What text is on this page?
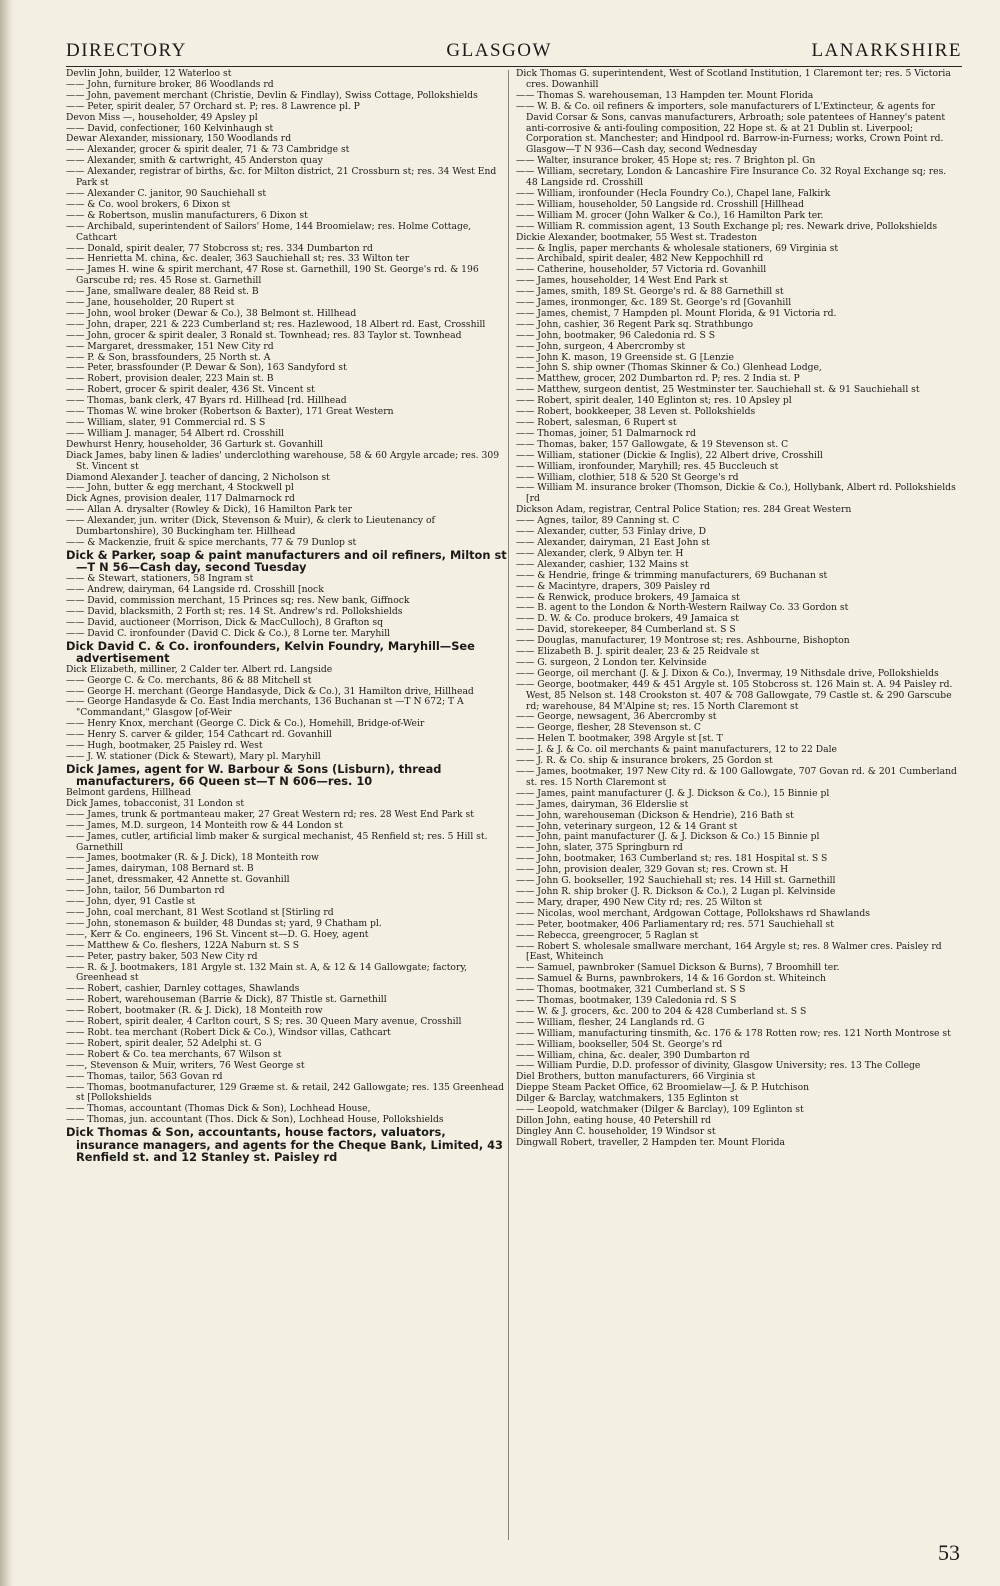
DIRECTORY	GLASGOW	LANARKSHIRE
Devlin John, builder, 12 Waterloo st
—— John, furniture broker, 86 Woodlands rd
—— John, pavement merchant (Christie, Devlin & Findlay), Swiss Cottage, Pollokshields
—— Peter, spirit dealer, 57 Orchard st. P; res. 8 Lawrence pl. P
Devon Miss —, householder, 49 Apsley pl
—— David, confectioner, 160 Kelvinhaugh st
Dewar Alexander, missionary, 150 Woodlands rd
—— Alexander, grocer & spirit dealer, 71 & 73 Cambridge st
—— Alexander, smith & cartwright, 45 Anderston quay
—— Alexander, registrar of births, &c. for Milton district, 21 Crossburn st; res. 34 West End Park st
—— Alexander C. janitor, 90 Sauchiehall st
—— & Co. wool brokers, 6 Dixon st
—— & Robertson, muslin manufacturers, 6 Dixon st
—— Archibald, superintendent of Sailors' Home, 144 Broomielaw; res. Holme Cottage, Cathcart
—— Donald, spirit dealer, 77 Stobcross st; res. 334 Dumbarton rd
—— Henrietta M. china, &c. dealer, 363 Sauchiehall st; res. 33 Wilton ter
—— James H. wine & spirit merchant, 47 Rose st. Garnethill, 190 St. George's rd. & 196 Garscube rd; res. 45 Rose st. Garnethill
—— Jane, smallware dealer, 88 Reid st. B
—— Jane, householder, 20 Rupert st
—— John, wool broker (Dewar & Co.), 38 Belmont st. Hillhead
—— John, draper, 221 & 223 Cumberland st; res. Hazlewood, 18 Albert rd. East, Crosshill
—— John, grocer & spirit dealer, 3 Ronald st. Townhead; res. 83 Taylor st. Townhead
—— Margaret, dressmaker, 151 New City rd
—— P. & Son, brassfounders, 25 North st. A
—— Peter, brassfounder (P. Dewar & Son), 163 Sandyford st
—— Robert, provision dealer, 223 Main st. B
—— Robert, grocer & spirit dealer, 436 St. Vincent st
—— Thomas, bank clerk, 47 Byars rd. Hillhead [rd. Hillhead
—— Thomas W. wine broker (Robertson & Baxter), 171 Great Western
—— William, slater, 91 Commercial rd. S S
—— William J. manager, 54 Albert rd. Crosshill
Dewhurst Henry, householder, 36 Garturk st. Govanhill
Diack James, baby linen & ladies' underclothing warehouse, 58 & 60 Argyle arcade; res. 309 St. Vincent st
Diamond Alexander J. teacher of dancing, 2 Nicholson st
—— John, butter & egg merchant, 4 Stockwell pl
Dick Agnes, provision dealer, 117 Dalmarnock rd
—— Allan A. drysalter (Rowley & Dick), 16 Hamilton Park ter
—— Alexander, jun. writer (Dick, Stevenson & Muir), & clerk to Lieutenancy of Dumbartonshire), 30 Buckingham ter. Hillhead
—— & Mackenzie, fruit & spice merchants, 77 & 79 Dunlop st
Dick & Parker, soap & paint manufacturers and oil refiners, Milton st—T N 56—Cash day, second Tuesday
—— & Stewart, stationers, 58 Ingram st
—— Andrew, dairyman, 64 Langside rd. Crosshill [nock
—— David, commission merchant, 15 Princes sq; res. New bank, Giffnock
—— David, blacksmith, 2 Forth st; res. 14 St. Andrew's rd. Pollokshields
—— David, auctioneer (Morrison, Dick & MacCulloch), 8 Grafton sq
—— David C. ironfounder (David C. Dick & Co.), 8 Lorne ter. Maryhill
Dick David C. & Co. ironfounders, Kelvin Foundry, Maryhill—See advertisement
Dick Elizabeth, milliner, 2 Calder ter. Albert rd. Langside
—— George C. & Co. merchants, 86 & 88 Mitchell st
—— George H. merchant (George Handasyde, Dick & Co.), 31 Hamilton drive, Hillhead
—— George Handasyde & Co. East India merchants, 136 Buchanan st —T N 672; T A "Commandant," Glasgow [of-Weir
—— Henry Knox, merchant (George C. Dick & Co.), Homehill, Bridge-of-Weir
—— Henry S. carver & gilder, 154 Cathcart rd. Govanhill
—— Hugh, bootmaker, 25 Paisley rd. West
—— J. W. stationer (Dick & Stewart), Mary pl. Maryhill
Dick James, agent for W. Barbour & Sons (Lisburn), thread manufacturers, 66 Queen st—T N 606—res. 10
Belmont gardens, Hillhead
Dick James, tobacconist, 31 London st
—— James, trunk & portmanteau maker, 27 Great Western rd; res. 28 West End Park st
—— James, M.D. surgeon, 14 Monteith row & 44 London st
—— James, cutler, artificial limb maker & surgical mechanist, 45 Renfield st; res. 5 Hill st. Garnethill
—— James, bootmaker (R. & J. Dick), 18 Monteith row
—— James, dairyman, 108 Bernard st. B
—— Janet, dressmaker, 42 Annette st. Govanhill
—— John, tailor, 56 Dumbarton rd
—— John, dyer, 91 Castle st
—— John, coal merchant, 81 West Scotland st [Stirling rd
—— John, stonemason & builder, 48 Dundas st; yard, 9 Chatham pl.
——, Kerr & Co. engineers, 196 St. Vincent st—D. G. Hoey, agent
—— Matthew & Co. fleshers, 122A Naburn st. S S
—— Peter, pastry baker, 503 New City rd
—— R. & J. bootmakers, 181 Argyle st. 132 Main st. A, & 12 & 14 Gallowgate; factory, Greenhead st
—— Robert, cashier, Darnley cottages, Shawlands
—— Robert, warehouseman (Barrie & Dick), 87 Thistle st. Garnethill
—— Robert, bootmaker (R. & J. Dick), 18 Monteith row
—— Robert, spirit dealer, 4 Carlton court, S S; res. 30 Queen Mary avenue, Crosshill
—— Robt. tea merchant (Robert Dick & Co.), Windsor villas, Cathcart
—— Robert, spirit dealer, 52 Adelphi st. G
—— Robert & Co. tea merchants, 67 Wilson st
——, Stevenson & Muir, writers, 76 West George st
—— Thomas, tailor, 563 Govan rd
—— Thomas, bootmanufacturer, 129 Græme st. & retail, 242 Gallowgate; res. 135 Greenhead st [Pollokshields
—— Thomas, accountant (Thomas Dick & Son), Lochhead House,
—— Thomas, jun. accountant (Thos. Dick & Son), Lochhead House, Pollokshields
Dick Thomas & Son, accountants, house factors, valuators, insurance managers, and agents for the Cheque Bank, Limited, 43 Renfield st. and 12 Stanley st. Paisley rd
Dick Thomas G. superintendent, West of Scotland Institution, 1 Claremont ter; res. 5 Victoria cres. Dowanhill
—— Thomas S. warehouseman, 13 Hampden ter. Mount Florida
—— W. B. & Co. oil refiners & importers, sole manufacturers of L'Extincteur, & agents for David Corsar & Sons, canvas manufacturers, Arbroath; sole patentees of Hanney's patent anti-corrosive & anti-fouling composition, 22 Hope st. & at 21 Dublin st. Liverpool; Corporation st. Manchester; and Hindpool rd. Barrow-in-Furness; works, Crown Point rd. Glasgow—T N 936—Cash day, second Wednesday
—— Walter, insurance broker, 45 Hope st; res. 7 Brighton pl. Gn
—— William, secretary, London & Lancashire Fire Insurance Co. 32 Royal Exchange sq; res. 48 Langside rd. Crosshill
—— William, ironfounder (Hecla Foundry Co.), Chapel lane, Falkirk
—— William, householder, 50 Langside rd. Crosshill [Hillhead
—— William M. grocer (John Walker & Co.), 16 Hamilton Park ter.
—— William R. commission agent, 13 South Exchange pl; res. Newark drive, Pollokshields
Dickie Alexander, bootmaker, 55 West st. Tradeston
—— & Inglis, paper merchants & wholesale stationers, 69 Virginia st
—— Archibald, spirit dealer, 482 New Keppochhill rd
—— Catherine, householder, 57 Victoria rd. Govanhill
—— James, householder, 14 West End Park st
—— James, smith, 189 St. George's rd. & 88 Garnethill st
—— James, ironmonger, &c. 189 St. George's rd [Govanhill
—— James, chemist, 7 Hampden pl. Mount Florida, & 91 Victoria rd.
—— John, cashier, 36 Regent Park sq. Strathbungo
—— John, bootmaker, 96 Caledonia rd. S S
—— John, surgeon, 4 Abercromby st
—— John K. mason, 19 Greenside st. G [Lenzie
—— John S. ship owner (Thomas Skinner & Co.) Glenhead Lodge,
—— Matthew, grocer, 202 Dumbarton rd. P; res. 2 India st. P
—— Matthew, surgeon dentist, 25 Westminster ter. Sauchiehall st. & 91 Sauchiehall st
—— Robert, spirit dealer, 140 Eglinton st; res. 10 Apsley pl
—— Robert, bookkeeper, 38 Leven st. Pollokshields
—— Robert, salesman, 6 Rupert st
—— Thomas, joiner, 51 Dalmarnock rd
—— Thomas, baker, 157 Gallowgate, & 19 Stevenson st. C
—— William, stationer (Dickie & Inglis), 22 Albert drive, Crosshill
—— William, ironfounder, Maryhill; res. 45 Buccleuch st
—— William, clothier, 518 & 520 St George's rd
—— William M. insurance broker (Thomson, Dickie & Co.), Hollybank, Albert rd. Pollokshields [rd
Dickson Adam, registrar, Central Police Station; res. 284 Great Western
—— Agnes, tailor, 89 Canning st. C
—— Alexander, cutter, 53 Finlay drive, D
—— Alexander, dairyman, 21 East John st
—— Alexander, clerk, 9 Albyn ter. H
—— Alexander, cashier, 132 Mains st
—— & Hendrie, fringe & trimming manufacturers, 69 Buchanan st
—— & Macintyre, drapers, 309 Paisley rd
—— & Renwick, produce brokers, 49 Jamaica st
—— B. agent to the London & North-Western Railway Co. 33 Gordon st
—— D. W. & Co. produce brokers, 49 Jamaica st
—— David, storekeeper, 84 Cumberland st. S S
—— Douglas, manufacturer, 19 Montrose st; res. Ashbourne, Bishopton
—— Elizabeth B. J. spirit dealer, 23 & 25 Reidvale st
—— G. surgeon, 2 London ter. Kelvinside
—— George, oil merchant (J. & J. Dixon & Co.), Invermay, 19 Nithsdale drive, Pollokshields
—— George, bootmaker, 449 & 451 Argyle st. 105 Stobcross st. 126 Main st. A. 94 Paisley rd. West, 85 Nelson st. 148 Crookston st. 407 & 708 Gallowgate, 79 Castle st. & 290 Garscube rd; warehouse, 84 M'Alpine st; res. 15 North Claremont st
—— George, newsagent, 36 Abercromby st
—— George, flesher, 28 Stevenson st. C
—— Helen T. bootmaker, 398 Argyle st [st. T
—— J. & J. & Co. oil merchants & paint manufacturers, 12 to 22 Dale
—— J. R. & Co. ship & insurance brokers, 25 Gordon st
—— James, bootmaker, 197 New City rd. & 100 Gallowgate, 707 Govan rd. & 201 Cumberland st. res. 15 North Claremont st
—— James, paint manufacturer (J. & J. Dickson & Co.), 15 Binnie pl
—— James, dairyman, 36 Elderslie st
—— John, warehouseman (Dickson & Hendrie), 216 Bath st
—— John, veterinary surgeon, 12 & 14 Grant st
—— John, paint manufacturer (J. & J. Dickson & Co.) 15 Binnie pl
—— John, slater, 375 Springburn rd
—— John, bootmaker, 163 Cumberland st; res. 181 Hospital st. S S
—— John, provision dealer, 329 Govan st; res. Crown st. H
—— John G. bookseller, 192 Sauchiehall st; res. 14 Hill st. Garnethill
—— John R. ship broker (J. R. Dickson & Co.), 2 Lugan pl. Kelvinside
—— Mary, draper, 490 New City rd; res. 25 Wilton st
—— Nicolas, wool merchant, Ardgowan Cottage, Pollokshaws rd Shawlands
—— Peter, bootmaker, 406 Parliamentary rd; res. 571 Sauchiehall st
—— Rebecca, greengrocer, 5 Raglan st
—— Robert S. wholesale smallware merchant, 164 Argyle st; res. 8 Walmer cres. Paisley rd [East, Whiteinch
—— Samuel, pawnbroker (Samuel Dickson & Burns), 7 Broomhill ter.
—— Samuel & Burns, pawnbrokers, 14 & 16 Gordon st. Whiteinch
—— Thomas, bootmaker, 321 Cumberland st. S S
—— Thomas, bootmaker, 139 Caledonia rd. S S
—— W. & J. grocers, &c. 200 to 204 & 428 Cumberland st. S S
—— William, flesher, 24 Langlands rd. G
—— William, manufacturing tinsmith, &c. 176 & 178 Rotten row; res. 121 North Montrose st
—— William, bookseller, 504 St. George's rd
—— William, china, &c. dealer, 390 Dumbarton rd
—— William Purdie, D.D. professor of divinity, Glasgow University; res. 13 The College
Diel Brothers, button manufacturers, 66 Virginia st
Dieppe Steam Packet Office, 62 Broomielaw—J. & P. Hutchison
Dilger & Barclay, watchmakers, 135 Eglinton st
—— Leopold, watchmaker (Dilger & Barclay), 109 Eglinton st
Dillon John, eating house, 40 Petershill rd
Dingley Ann C. householder, 19 Windsor st
Dingwall Robert, traveller, 2 Hampden ter. Mount Florida
53
